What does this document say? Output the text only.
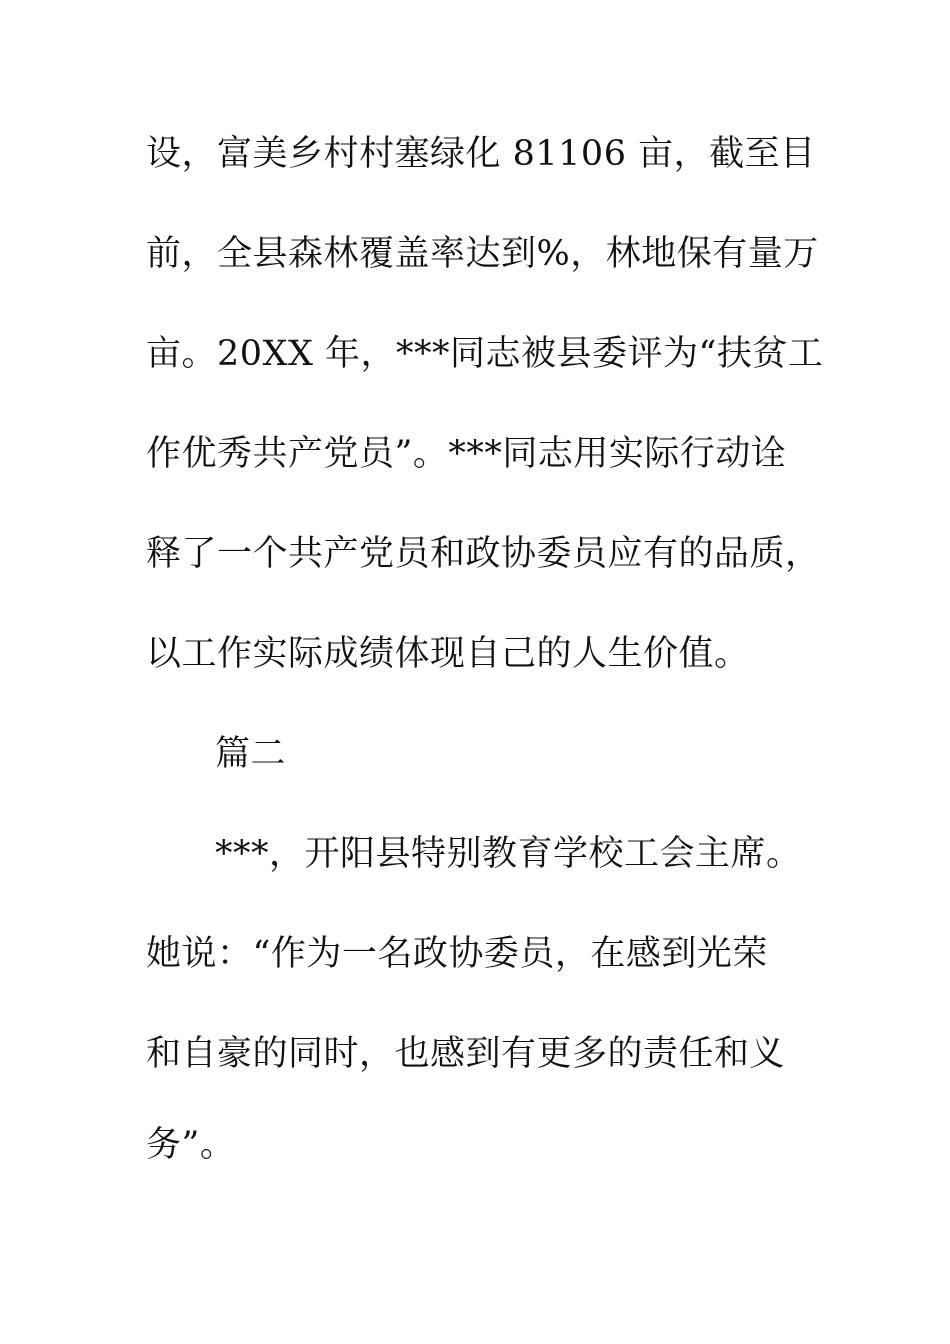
设，富美乡村村塞绿化 81106 亩，截至目
前，全县森林覆盖率达到%，林地保有量万
亩。20XX 年，***同志被县委评为“扶贫工
作优秀共产党员”。***同志用实际行动诠
释了一个共产党员和政协委员应有的品质，
以工作实际成绩体现自己的人生价值。
篇二
***，开阳县特别教育学校工会主席。
她说：“作为一名政协委员，在感到光荣
和自豪的同时，也感到有更多的责任和义
务”。
